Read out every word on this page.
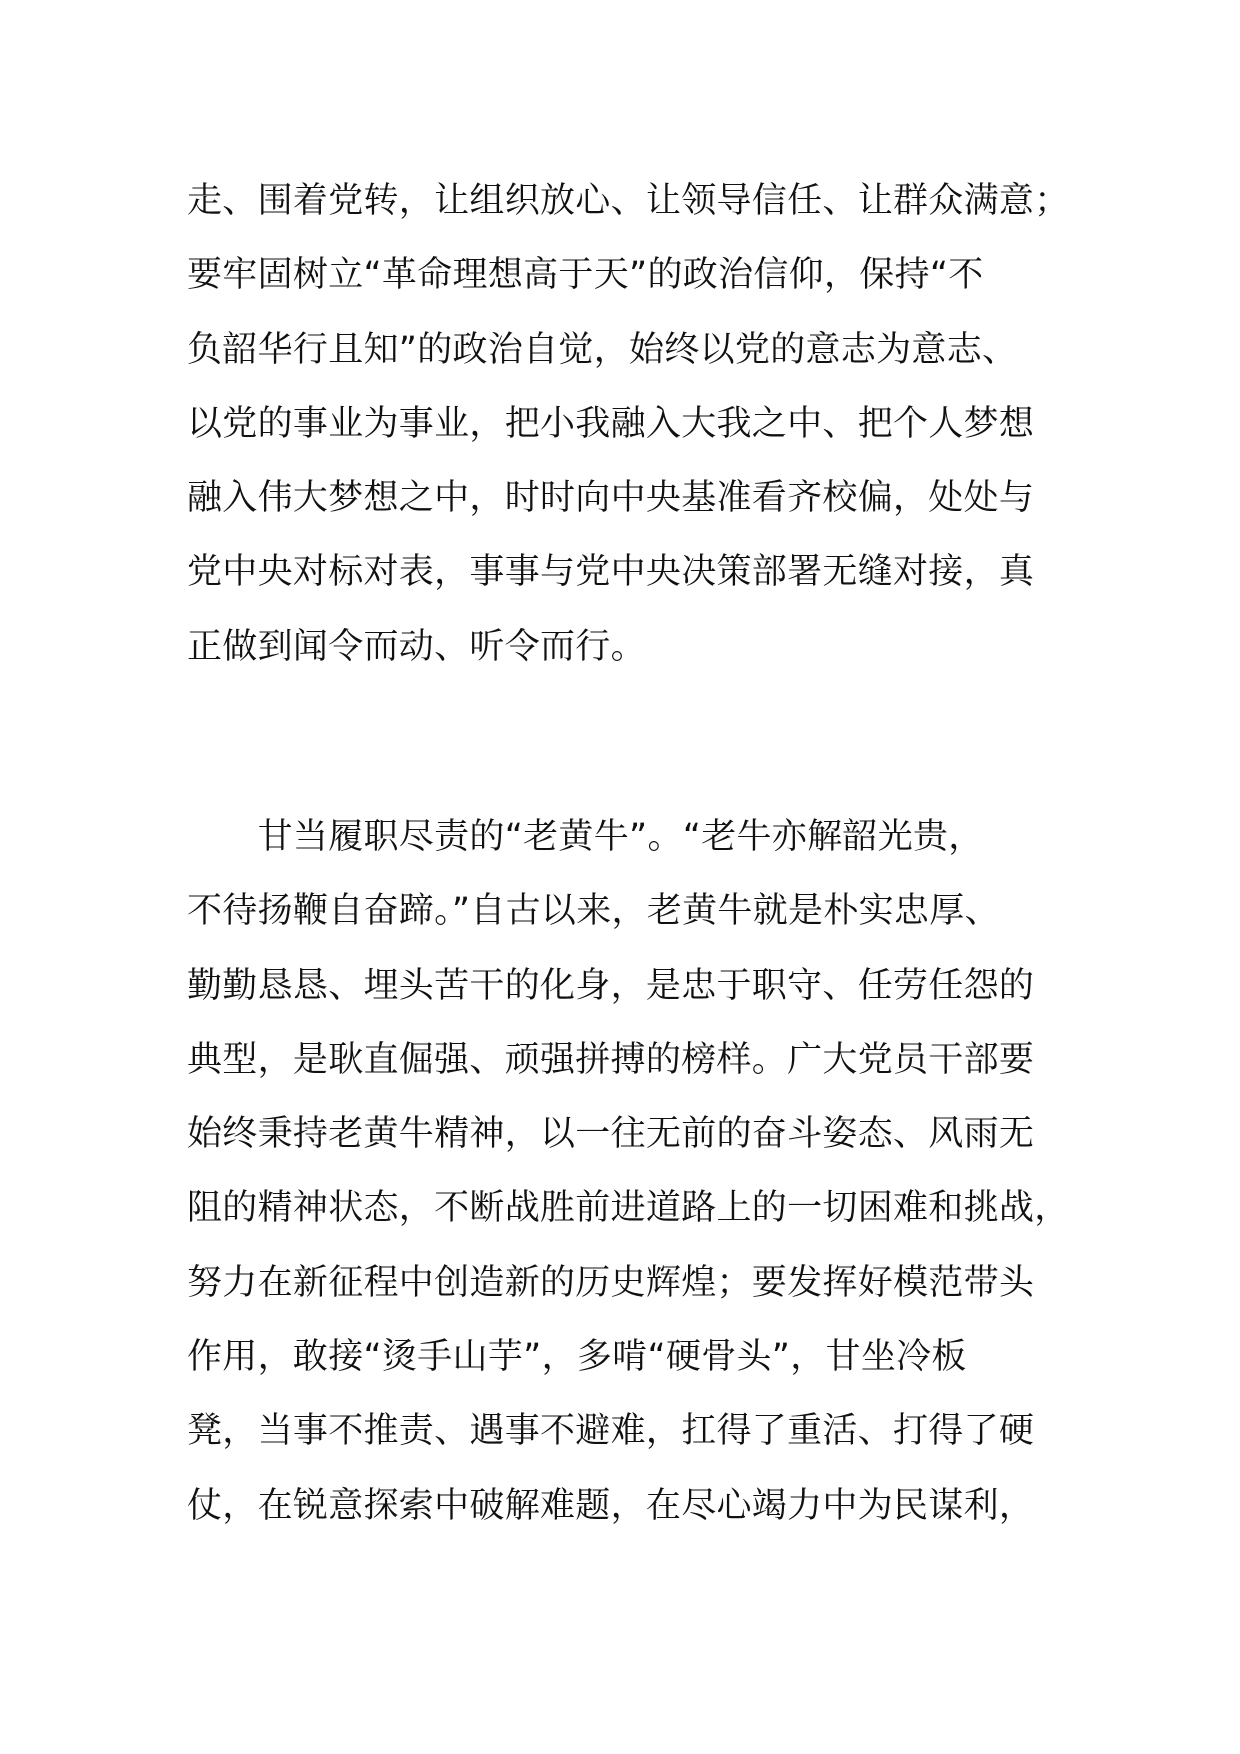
走、围着党转，让组织放心、让领导信任、让群众满意；
要牢固树立“革命理想高于天”的政治信仰，保持“不
负韶华行且知”的政治自觉，始终以党的意志为意志、
以党的事业为事业，把小我融入大我之中、把个人梦想
融入伟大梦想之中，时时向中央基准看齐校偏，处处与
党中央对标对表，事事与党中央决策部署无缝对接，真
正做到闻令而动、听令而行。
　　甘当履职尽责的“老黄牛”。“老牛亦解韶光贵，
不待扬鞭自奋蹄。”自古以来，老黄牛就是朴实忠厚、
勤勤恳恳、埋头苦干的化身，是忠于职守、任劳任怨的
典型，是耿直倔强、顽强拼搏的榜样。广大党员干部要
始终秉持老黄牛精神，以一往无前的奋斗姿态、风雨无
阻的精神状态，不断战胜前进道路上的一切困难和挑战，
努力在新征程中创造新的历史辉煌；要发挥好模范带头
作用，敢接“烫手山芋”，多啃“硬骨头”，甘坐冷板
凳，当事不推责、遇事不避难，扛得了重活、打得了硬
仗，在锐意探索中破解难题，在尽心竭力中为民谋利，
